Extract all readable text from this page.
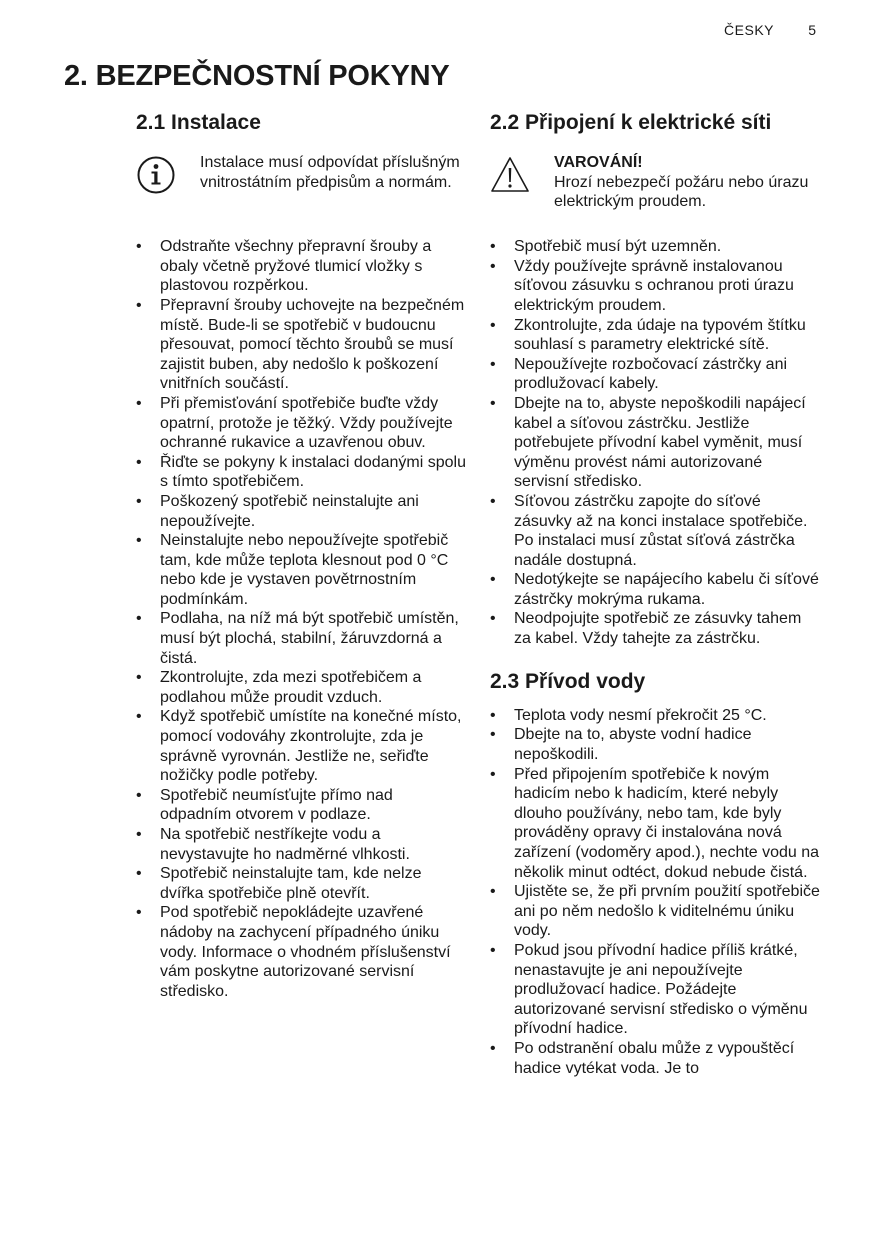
ČESKY 5
2. BEZPEČNOSTNÍ POKYNY
2.1 Instalace
Instalace musí odpovídat příslušným vnitrostátním předpisům a normám.
• Odstraňte všechny přepravní šrouby a obaly včetně pryžové tlumicí vložky s plastovou rozpěrkou.
• Přepravní šrouby uchovejte na bezpečném místě. Bude-li se spotřebič v budoucnu přesouvat, pomocí těchto šroubů se musí zajistit buben, aby nedošlo k poškození vnitřních součástí.
• Při přemisťování spotřebiče buďte vždy opatrní, protože je těžký. Vždy používejte ochranné rukavice a uzavřenou obuv.
• Řiďte se pokyny k instalaci dodanými spolu s tímto spotřebičem.
• Poškozený spotřebič neinstalujte ani nepoužívejte.
• Neinstalujte nebo nepoužívejte spotřebič tam, kde může teplota klesnout pod 0 °C nebo kde je vystaven povětrnostním podmínkám.
• Podlaha, na níž má být spotřebič umístěn, musí být plochá, stabilní, žáruvzdorná a čistá.
• Zkontrolujte, zda mezi spotřebičem a podlahou může proudit vzduch.
• Když spotřebič umístíte na konečné místo, pomocí vodováhy zkontrolujte, zda je správně vyrovnán. Jestliže ne, seřiďte nožičky podle potřeby.
• Spotřebič neumísťujte přímo nad odpadním otvorem v podlaze.
• Na spotřebič nestříkejte vodu a nevystavujte ho nadměrné vlhkosti.
• Spotřebič neinstalujte tam, kde nelze dvířka spotřebiče plně otevřít.
• Pod spotřebič nepokládejte uzavřené nádoby na zachycení případného úniku vody. Informace o vhodném příslušenství vám poskytne autorizované servisní středisko.
2.2 Připojení k elektrické síti
VAROVÁNÍ!
Hrozí nebezpečí požáru nebo úrazu elektrickým proudem.
• Spotřebič musí být uzemněn.
• Vždy používejte správně instalovanou síťovou zásuvku s ochranou proti úrazu elektrickým proudem.
• Zkontrolujte, zda údaje na typovém štítku souhlasí s parametry elektrické sítě.
• Nepoužívejte rozbočovací zástrčky ani prodlužovací kabely.
• Dbejte na to, abyste nepoškodili napájecí kabel a síťovou zástrčku. Jestliže potřebujete přívodní kabel vyměnit, musí výměnu provést námi autorizované servisní středisko.
• Síťovou zástrčku zapojte do síťové zásuvky až na konci instalace spotřebiče. Po instalaci musí zůstat síťová zástrčka nadále dostupná.
• Nedotýkejte se napájecího kabelu či síťové zástrčky mokrýma rukama.
• Neodpojujte spotřebič ze zásuvky tahem za kabel. Vždy tahejte za zástrčku.
2.3 Přívod vody
• Teplota vody nesmí překročit 25 °C.
• Dbejte na to, abyste vodní hadice nepoškodili.
• Před připojením spotřebiče k novým hadicím nebo k hadicím, které nebyly dlouho používány, nebo tam, kde byly prováděny opravy či instalována nová zařízení (vodoměry apod.), nechte vodu na několik minut odtéct, dokud nebude čistá.
• Ujistěte se, že při prvním použití spotřebiče ani po něm nedošlo k viditelnému úniku vody.
• Pokud jsou přívodní hadice příliš krátké, nenastavujte je ani nepoužívejte prodlužovací hadice. Požádejte autorizované servisní středisko o výměnu přívodní hadice.
• Po odstranění obalu může z vypouštěcí hadice vytékat voda. Je to
